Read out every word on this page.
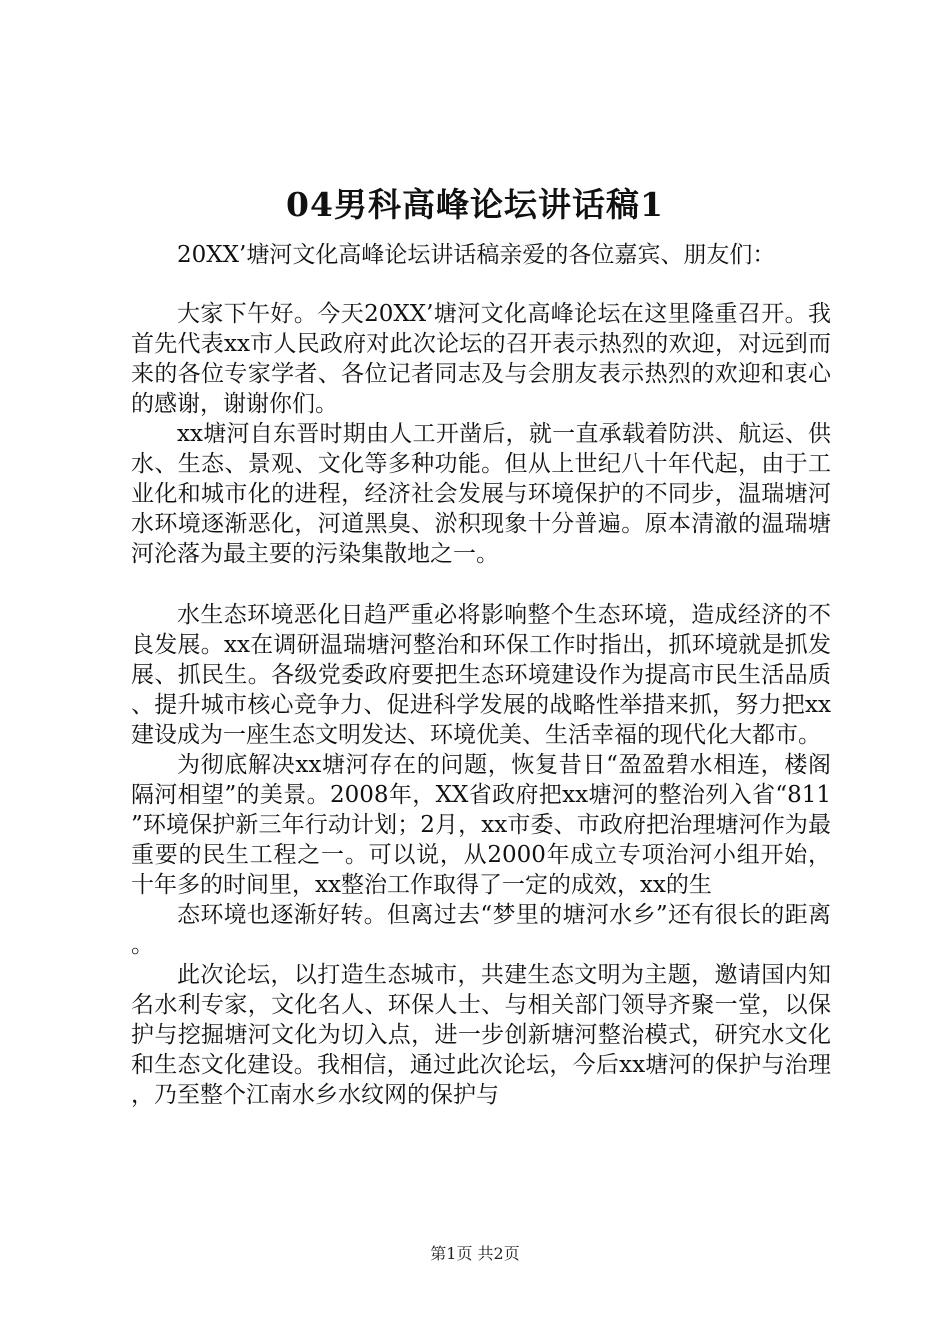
04男科高峰论坛讲话稿1

20XX’塘河文化高峰论坛讲话稿亲爱的各位嘉宾、朋友们：

大家下午好。今天20XX’塘河文化高峰论坛在这里隆重召开。我首先代表xx市人民政府对此次论坛的召开表示热烈的欢迎，对远到而来的各位专家学者、各位记者同志及与会朋友表示热烈的欢迎和衷心的感谢，谢谢你们。

xx塘河自东晋时期由人工开凿后，就一直承载着防洪、航运、供水、生态、景观、文化等多种功能。但从上世纪八十年代起，由于工业化和城市化的进程，经济社会发展与环境保护的不同步，温瑞塘河水环境逐渐恶化，河道黑臭、淤积现象十分普遍。原本清澈的温瑞塘河沦落为最主要的污染集散地之一。

水生态环境恶化日趋严重必将影响整个生态环境，造成经济的不良发展。xx在调研温瑞塘河整治和环保工作时指出，抓环境就是抓发展、抓民生。各级党委政府要把生态环境建设作为提高市民生活品质、提升城市核心竞争力、促进科学发展的战略性举措来抓，努力把xx建设成为一座生态文明发达、环境优美、生活幸福的现代化大都市。

为彻底解决xx塘河存在的问题，恢复昔日“盈盈碧水相连，楼阁隔河相望”的美景。2008年，XX省政府把xx塘河的整治列入省“811”环境保护新三年行动计划；2月，xx市委、市政府把治理塘河作为最重要的民生工程之一。可以说，从2000年成立专项治河小组开始，十年多的时间里，xx整治工作取得了一定的成效，xx的生

态环境也逐渐好转。但离过去“梦里的塘河水乡”还有很长的距离。

此次论坛，以打造生态城市，共建生态文明为主题，邀请国内知名水利专家，文化名人、环保人士、与相关部门领导齐聚一堂，以保护与挖掘塘河文化为切入点，进一步创新塘河整治模式，研究水文化和生态文化建设。我相信，通过此次论坛，今后xx塘河的保护与治理，乃至整个江南水乡水纹网的保护与

第1页 共2页
